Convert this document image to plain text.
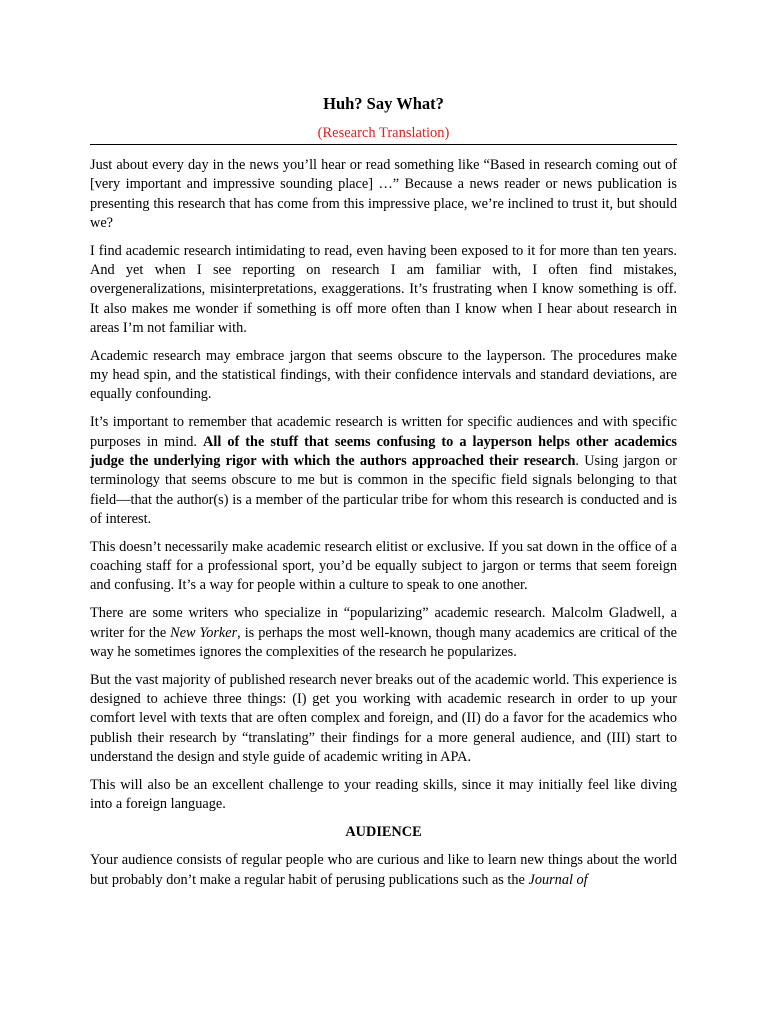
Huh? Say What?
(Research Translation)

Just about every day in the news you’ll hear or read something like “Based in research coming out of [very important and impressive sounding place] …” Because a news reader or news publication is presenting this research that has come from this impressive place, we’re inclined to trust it, but should we?

I find academic research intimidating to read, even having been exposed to it for more than ten years. And yet when I see reporting on research I am familiar with, I often find mistakes, overgeneralizations, misinterpretations, exaggerations. It’s frustrating when I know something is off. It also makes me wonder if something is off more often than I know when I hear about research in areas I’m not familiar with.

Academic research may embrace jargon that seems obscure to the layperson. The procedures make my head spin, and the statistical findings, with their confidence intervals and standard deviations, are equally confounding.

It’s important to remember that academic research is written for specific audiences and with specific purposes in mind. All of the stuff that seems confusing to a layperson helps other academics judge the underlying rigor with which the authors approached their research. Using jargon or terminology that seems obscure to me but is common in the specific field signals belonging to that field—that the author(s) is a member of the particular tribe for whom this research is conducted and is of interest.

This doesn’t necessarily make academic research elitist or exclusive. If you sat down in the office of a coaching staff for a professional sport, you’d be equally subject to jargon or terms that seem foreign and confusing. It’s a way for people within a culture to speak to one another.

There are some writers who specialize in “popularizing” academic research. Malcolm Gladwell, a writer for the New Yorker, is perhaps the most well-known, though many academics are critical of the way he sometimes ignores the complexities of the research he popularizes.

But the vast majority of published research never breaks out of the academic world. This experience is designed to achieve three things: (I) get you working with academic research in order to up your comfort level with texts that are often complex and foreign, and (II) do a favor for the academics who publish their research by “translating” their findings for a more general audience, and (III) start to understand the design and style guide of academic writing in APA.

This will also be an excellent challenge to your reading skills, since it may initially feel like diving into a foreign language.

AUDIENCE

Your audience consists of regular people who are curious and like to learn new things about the world but probably don’t make a regular habit of perusing publications such as the Journal of
